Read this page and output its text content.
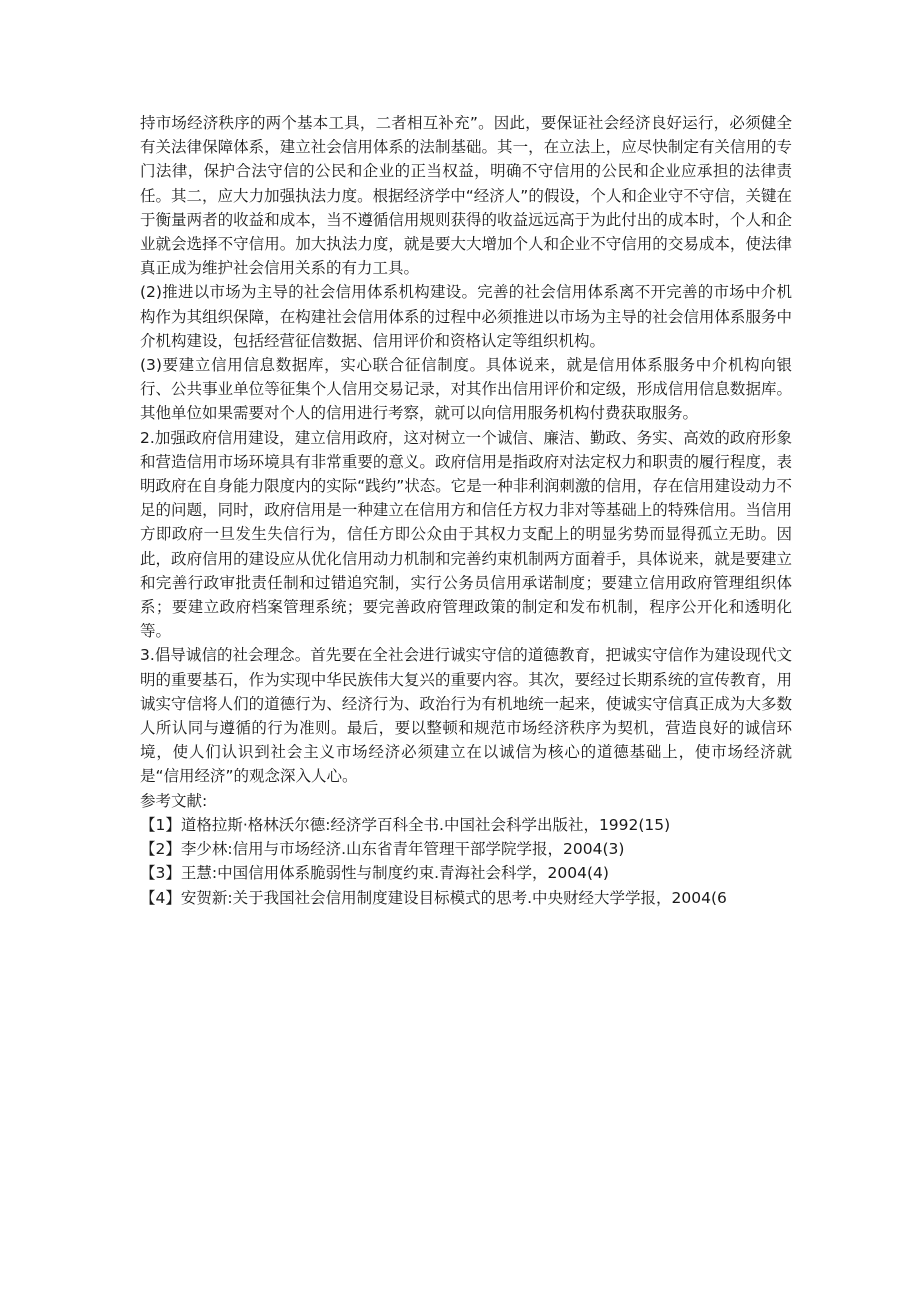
持市场经济秩序的两个基本工具，二者相互补充”。因此，要保证社会经济良好运行，必须健全有关法律保障体系，建立社会信用体系的法制基础。其一，在立法上，应尽快制定有关信用的专门法律，保护合法守信的公民和企业的正当权益，明确不守信用的公民和企业应承担的法律责任。其二，应大力加强执法力度。根据经济学中“经济人”的假设，个人和企业守不守信，关键在于衡量两者的收益和成本，当不遵循信用规则获得的收益远远高于为此付出的成本时，个人和企业就会选择不守信用。加大执法力度，就是要大大增加个人和企业不守信用的交易成本，使法律真正成为维护社会信用关系的有力工具。

(2)推进以市场为主导的社会信用体系机构建设。完善的社会信用体系离不开完善的市场中介机构作为其组织保障，在构建社会信用体系的过程中必须推进以市场为主导的社会信用体系服务中介机构建设，包括经营征信数据、信用评价和资格认定等组织机构。

(3)要建立信用信息数据库，实心联合征信制度。具体说来，就是信用体系服务中介机构向银行、公共事业单位等征集个人信用交易记录，对其作出信用评价和定级，形成信用信息数据库。其他单位如果需要对个人的信用进行考察，就可以向信用服务机构付费获取服务。

2.加强政府信用建设，建立信用政府，这对树立一个诚信、廉洁、勤政、务实、高效的政府形象和营造信用市场环境具有非常重要的意义。政府信用是指政府对法定权力和职责的履行程度，表明政府在自身能力限度内的实际“践约”状态。它是一种非利润刺激的信用，存在信用建设动力不足的问题，同时，政府信用是一种建立在信用方和信任方权力非对等基础上的特殊信用。当信用方即政府一旦发生失信行为，信任方即公众由于其权力支配上的明显劣势而显得孤立无助。因此，政府信用的建设应从优化信用动力机制和完善约束机制两方面着手，具体说来，就是要建立和完善行政审批责任制和过错追究制，实行公务员信用承诺制度；要建立信用政府管理组织体系；要建立政府档案管理系统；要完善政府管理政策的制定和发布机制，程序公开化和透明化等。

3.倡导诚信的社会理念。首先要在全社会进行诚实守信的道德教育，把诚实守信作为建设现代文明的重要基石，作为实现中华民族伟大复兴的重要内容。其次，要经过长期系统的宣传教育，用诚实守信将人们的道德行为、经济行为、政治行为有机地统一起来，使诚实守信真正成为大多数人所认同与遵循的行为准则。最后，要以整顿和规范市场经济秩序为契机，营造良好的诚信环境，使人们认识到社会主义市场经济必须建立在以诚信为核心的道德基础上，使市场经济就是“信用经济”的观念深入人心。

参考文献:

【1】道格拉斯·格林沃尔德:经济学百科全书.中国社会科学出版社，1992(15)

【2】李少林:信用与市场经济.山东省青年管理干部学院学报，2004(3)

【3】王慧:中国信用体系脆弱性与制度约束.青海社会科学，2004(4)

【4】安贺新:关于我国社会信用制度建设目标模式的思考.中央财经大学学报，2004(6
